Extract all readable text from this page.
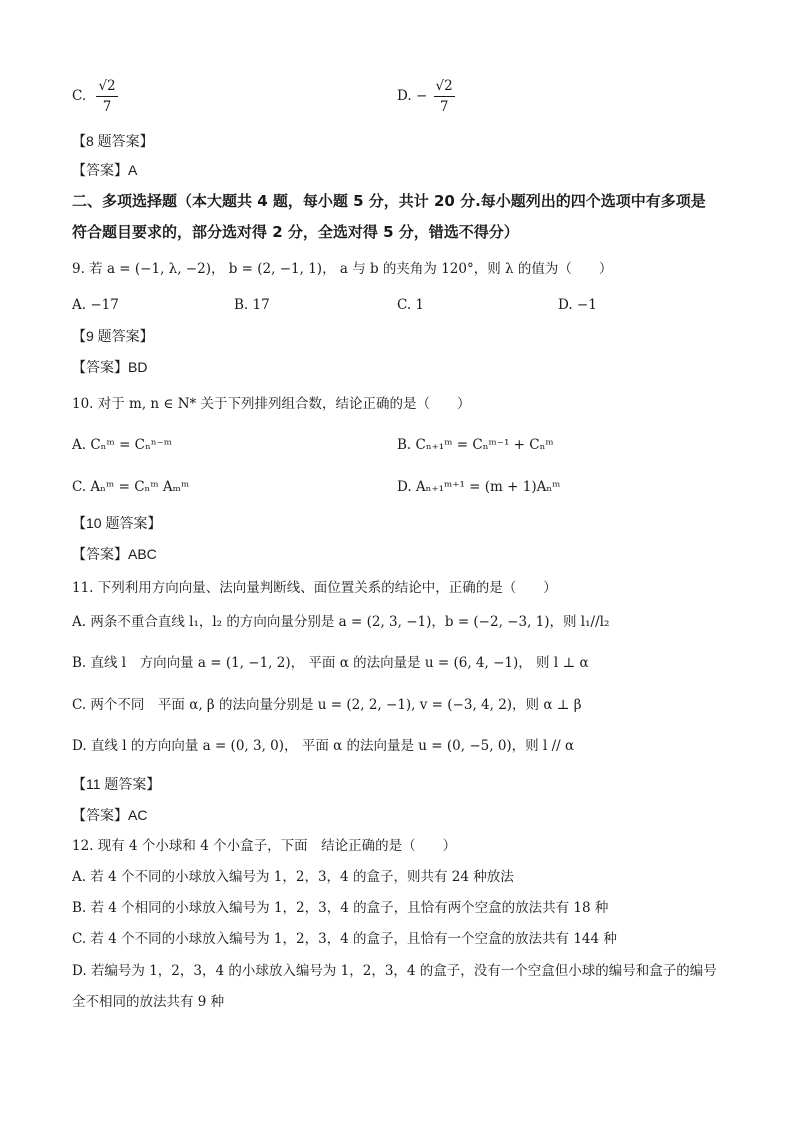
C. $\frac{√2}{7}$	D. − $\frac{√2}{7}$
【8 题答案】
【答案】A
二、多项选择题（本大题共 4 题，每小题 5 分，共计 20 分.每小题列出的四个选项中有多项是
符合题目要求的，部分选对得 2 分，全选对得 5 分，错选不得分）
9. 若 a = (−1, λ, −2)， b = (2, −1, 1)， a 与 b 的夹角为 120°，则 λ 的值为（　　）
A. −17	B. 17	C. 1	D. −1
【9 题答案】
【答案】BD
10. 对于 m, n ∈ N* 关于下列排列组合数，结论正确的是（　　）
A. Cₙᵐ = Cₙⁿ⁻ᵐ	B. Cₙ₊₁ᵐ = Cₙᵐ⁻¹ + Cₙᵐ
C. Aₙᵐ = Cₙᵐ Aₘᵐ	D. Aₙ₊₁ᵐ⁺¹ = (m + 1)Aₙᵐ
【10 题答案】
【答案】ABC
11. 下列利用方向向量、法向量判断线、面位置关系的结论中，正确的是（　　）
A. 两条不重合直线 l₁，l₂ 的方向向量分别是 a = (2, 3, −1)，b = (−2, −3, 1)，则 l₁//l₂
B. 直线 l　方向向量 a = (1, −1, 2)， 平面 α 的法向量是 u = (6, 4, −1)， 则 l ⊥ α
C. 两个不同　平面 α, β 的法向量分别是 u = (2, 2, −1), v = (−3, 4, 2)，则 α ⊥ β
D. 直线 l 的方向向量 a = (0, 3, 0)， 平面 α 的法向量是 u = (0, −5, 0)，则 l // α
【11 题答案】
【答案】AC
12. 现有 4 个小球和 4 个小盒子，下面　结论正确的是（　　）
A. 若 4 个不同的小球放入编号为 1，2，3，4 的盒子，则共有 24 种放法
B. 若 4 个相同的小球放入编号为 1，2，3，4 的盒子，且恰有两个空盒的放法共有 18 种
C. 若 4 个不同的小球放入编号为 1，2，3，4 的盒子，且恰有一个空盒的放法共有 144 种
D. 若编号为 1，2，3，4 的小球放入编号为 1，2，3，4 的盒子，没有一个空盒但小球的编号和盒子的编号
全不相同的放法共有 9 种
